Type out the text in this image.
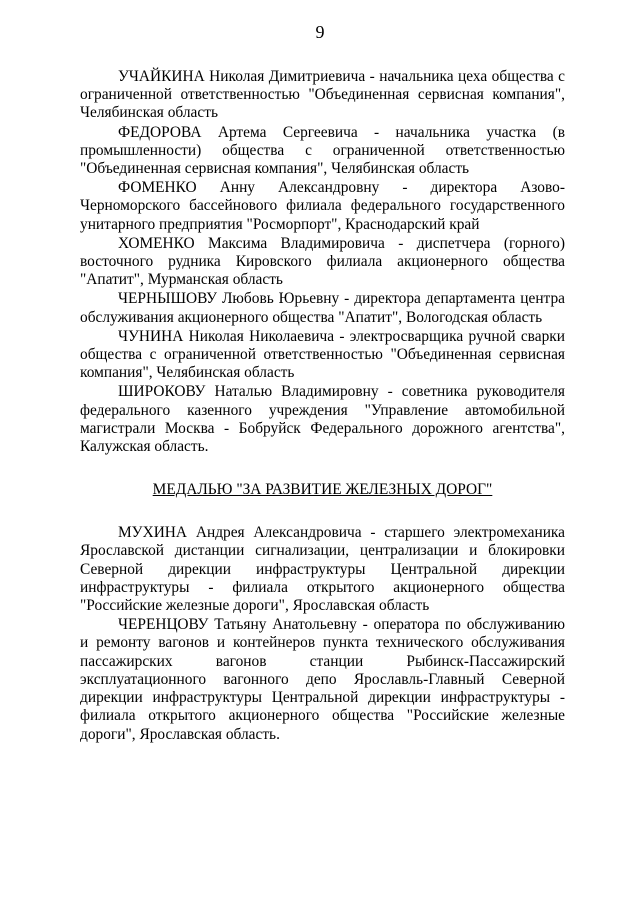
9

УЧАЙКИНА Николая Димитриевича - начальника цеха общества с ограниченной ответственностью "Объединенная сервисная компания", Челябинская область

ФЕДОРОВА Артема Сергеевича - начальника участка (в промышленности) общества с ограниченной ответственностью "Объединенная сервисная компания", Челябинская область

ФОМЕНКО Анну Александровну - директора Азово-Черноморского бассейнового филиала федерального государственного унитарного предприятия "Росморпорт", Краснодарский край

ХОМЕНКО Максима Владимировича - диспетчера (горного) восточного рудника Кировского филиала акционерного общества "Апатит", Мурманская область

ЧЕРНЫШОВУ Любовь Юрьевну - директора департамента центра обслуживания акционерного общества "Апатит", Вологодская область

ЧУНИНА Николая Николаевича - электросварщика ручной сварки общества с ограниченной ответственностью "Объединенная сервисная компания", Челябинская область

ШИРОКОВУ Наталью Владимировну - советника руководителя федерального казенного учреждения "Управление автомобильной магистрали Москва - Бобруйск Федерального дорожного агентства", Калужская область.

МЕДАЛЬЮ "ЗА РАЗВИТИЕ ЖЕЛЕЗНЫХ ДОРОГ"

МУХИНА Андрея Александровича - старшего электромеханика Ярославской дистанции сигнализации, централизации и блокировки Северной дирекции инфраструктуры Центральной дирекции инфраструктуры - филиала открытого акционерного общества "Российские железные дороги", Ярославская область

ЧЕРЕНЦОВУ Татьяну Анатольевну - оператора по обслуживанию и ремонту вагонов и контейнеров пункта технического обслуживания пассажирских вагонов станции Рыбинск-Пассажирский эксплуатационного вагонного депо Ярославль-Главный Северной дирекции инфраструктуры Центральной дирекции инфраструктуры - филиала открытого акционерного общества "Российские железные дороги", Ярославская область.
